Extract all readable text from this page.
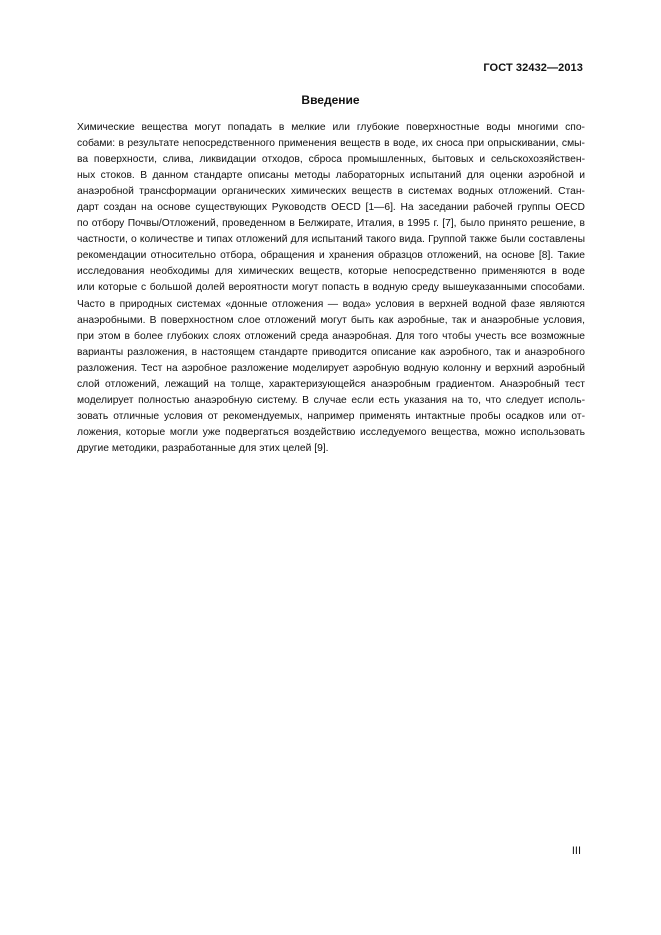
ГОСТ 32432—2013
Введение
Химические вещества могут попадать в мелкие или глубокие поверхностные воды многими спо-
собами: в результате непосредственного применения веществ в воде, их сноса при опрыскивании, смы-
ва поверхности, слива, ликвидации отходов, сброса промышленных, бытовых и сельскохозяйствен-
ных стоков. В данном стандарте описаны методы лабораторных испытаний для оценки аэробной и
анаэробной трансформации органических химических веществ в системах водных отложений. Стан-
дарт создан на основе существующих Руководств OECD [1—6]. На заседании рабочей группы OECD
по отбору Почвы/Отложений, проведенном в Белжирате, Италия, в 1995 г. [7], было принято решение, в
частности, о количестве и типах отложений для испытаний такого вида. Группой также были составлены
рекомендации относительно отбора, обращения и хранения образцов отложений, на основе [8]. Такие
исследования необходимы для химических веществ, которые непосредственно применяются в воде
или которые с большой долей вероятности могут попасть в водную среду вышеуказанными способами.
Часто в природных системах «донные отложения — вода» условия в верхней водной фазе являются
анаэробными. В поверхностном слое отложений могут быть как аэробные, так и анаэробные условия,
при этом в более глубоких слоях отложений среда анаэробная. Для того чтобы учесть все возможные
варианты разложения, в настоящем стандарте приводится описание как аэробного, так и анаэробного
разложения. Тест на аэробное разложение моделирует аэробную водную колонну и верхний аэробный
слой отложений, лежащий на толще, характеризующейся анаэробным градиентом. Анаэробный тест
моделирует полностью анаэробную систему. В случае если есть указания на то, что следует исполь-
зовать отличные условия от рекомендуемых, например применять интактные пробы осадков или от-
ложения, которые могли уже подвергаться воздействию исследуемого вещества, можно использовать
другие методики, разработанные для этих целей [9].
III
